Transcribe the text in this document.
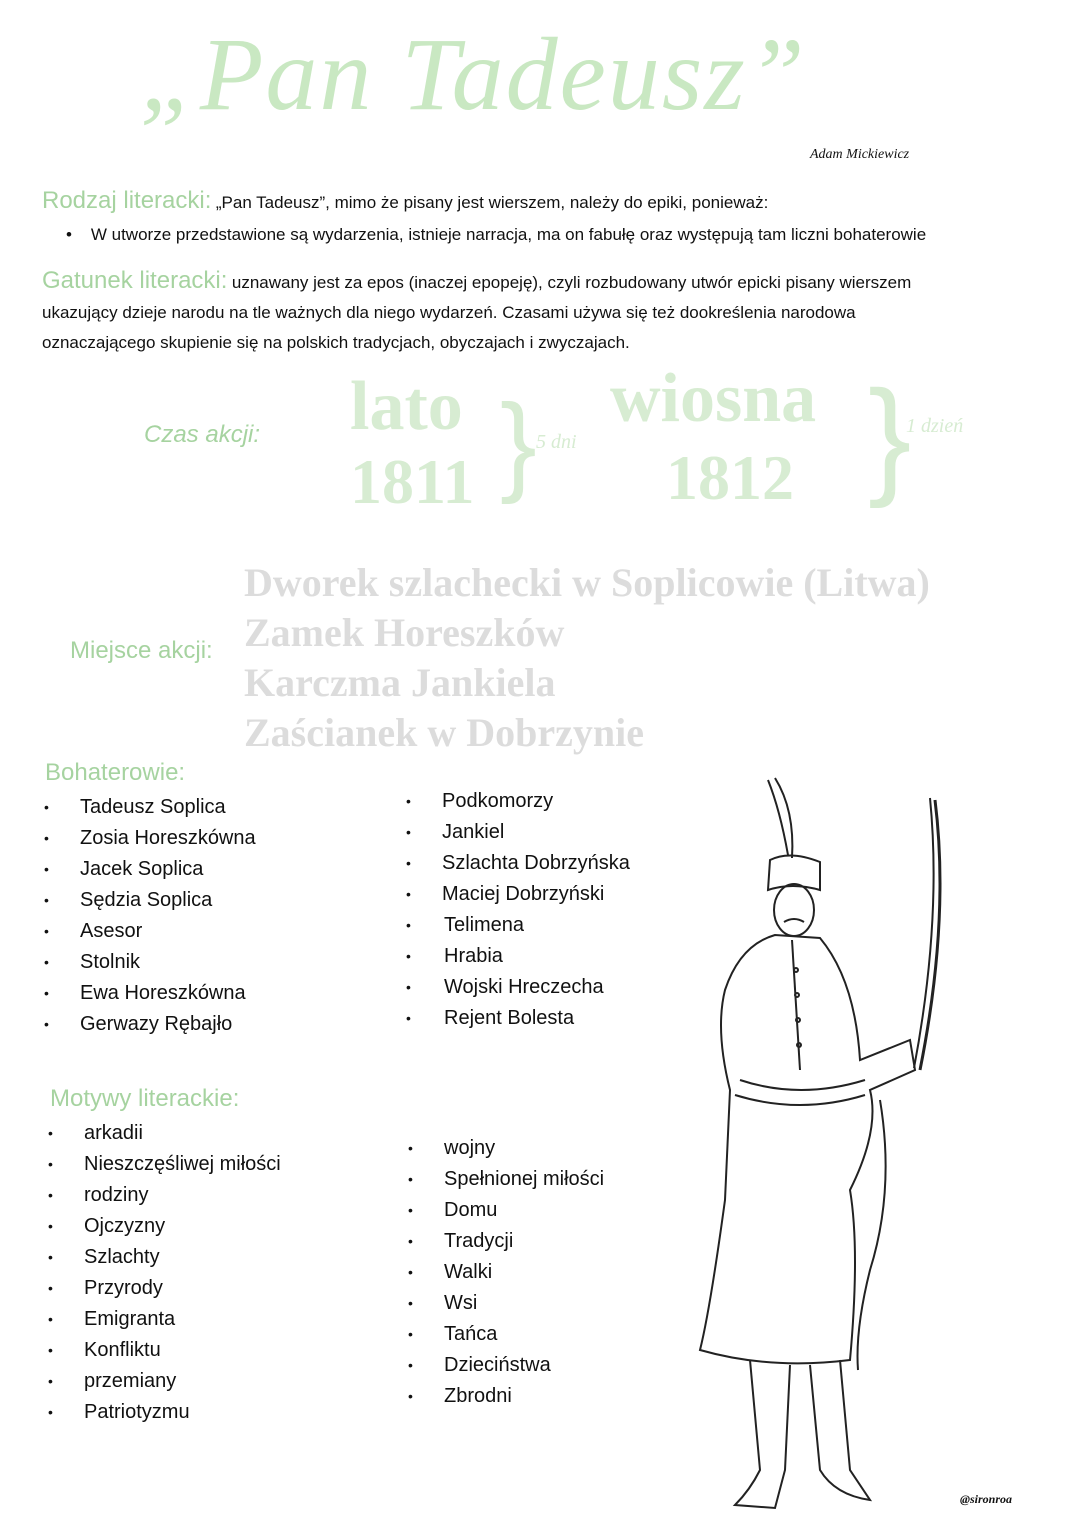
„Pan Tadeusz”
Adam Mickiewicz
Rodzaj literacki: „Pan Tadeusz”, mimo że pisany jest wierszem, należy do epiki, ponieważ:
•    W utworze przedstawione są wydarzenia, istnieje narracja, ma on fabułę oraz występują tam liczni bohaterowie
Gatunek literacki: uznawany jest za epos (inaczej epopeję), czyli rozbudowany utwór epicki pisany wierszem
ukazujący dzieje narodu na tle ważnych dla niego wydarzeń. Czasami używa się też dookreślenia narodowa
oznaczającego skupienie się na polskich tradycjach, obyczajach i zwyczajach.
Czas akcji: lato
1811 } 5 dni
wiosna
1812 }
1 dzień
Miejsce akcji:
Dworek szlachecki w Soplicowie (Litwa)
Zamek Horeszków
Karczma Jankiela
Zaścianek w Dobrzynie
Bohaterowie:
• Tadeusz Soplica
• Zosia Horeszkówna
• Jacek Soplica
• Sędzia Soplica
• Asesor
• Stolnik
• Ewa Horeszkówna
• Gerwazy Rębajło
• Podkomorzy
• Jankiel
• Szlachta Dobrzyńska
• Maciej Dobrzyński
• Telimena
• Hrabia
• Wojski Hreczecha
• Rejent Bolesta
Motywy literackie:
• arkadii
• Nieszczęśliwej miłości
• rodziny
• Ojczyzny
• Szlachty
• Przyrody
• Emigranta
• Konfliktu
• przemiany
• Patriotyzmu
• wojny
• Spełnionej miłości
• Domu
• Tradycji
• Walki
• Wsi
• Tańca
• Dzieciństwa
• Zbrodni
@sironroa
